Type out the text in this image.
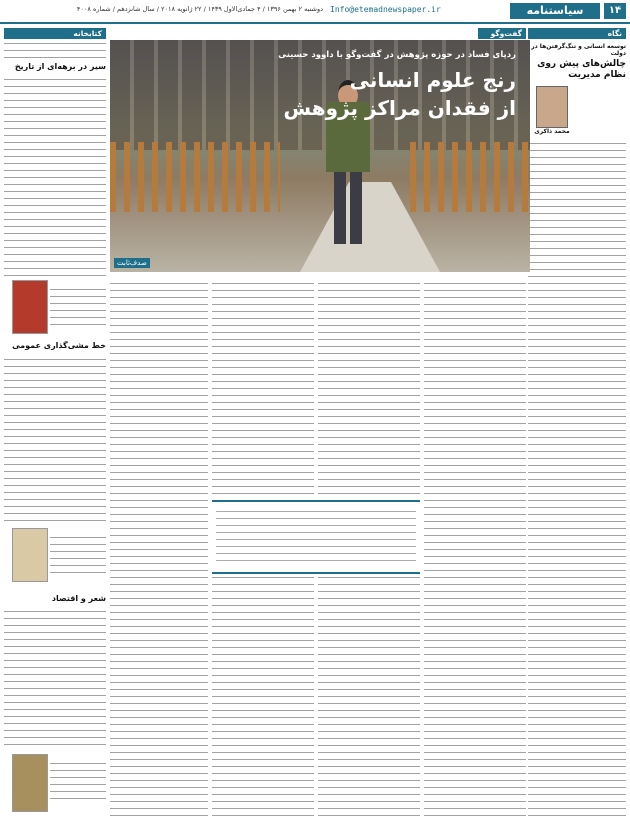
۱۴
سیاستنامه
Info@etemadnewspaper.ir
دوشنبه ۲ بهمن ۱۳۹۶ / ۴ جمادی‌الاول ۱۴۳۹ / ۲۲ ژانویه ۲۰۱۸ / سال شانزدهم / شماره ۴۰۰۸
نگاه
توسعه انسانی و تنگ‌گرفتن‌ها در دولت
چالش‌های پیش روی نظام مدیریت
محمد ذاکری
کتابخانه
سیر در برهه‌ای از تاریخ
خط مشی‌گذاری عمومی
شعر و اقتصاد
گفت‌وگو
ردپای فساد در حوزه پژوهش در گفت‌وگو با داوود حسینی
رنج علوم انسانی
از فقدان مراکز پژوهش
صدف‌ثابت
